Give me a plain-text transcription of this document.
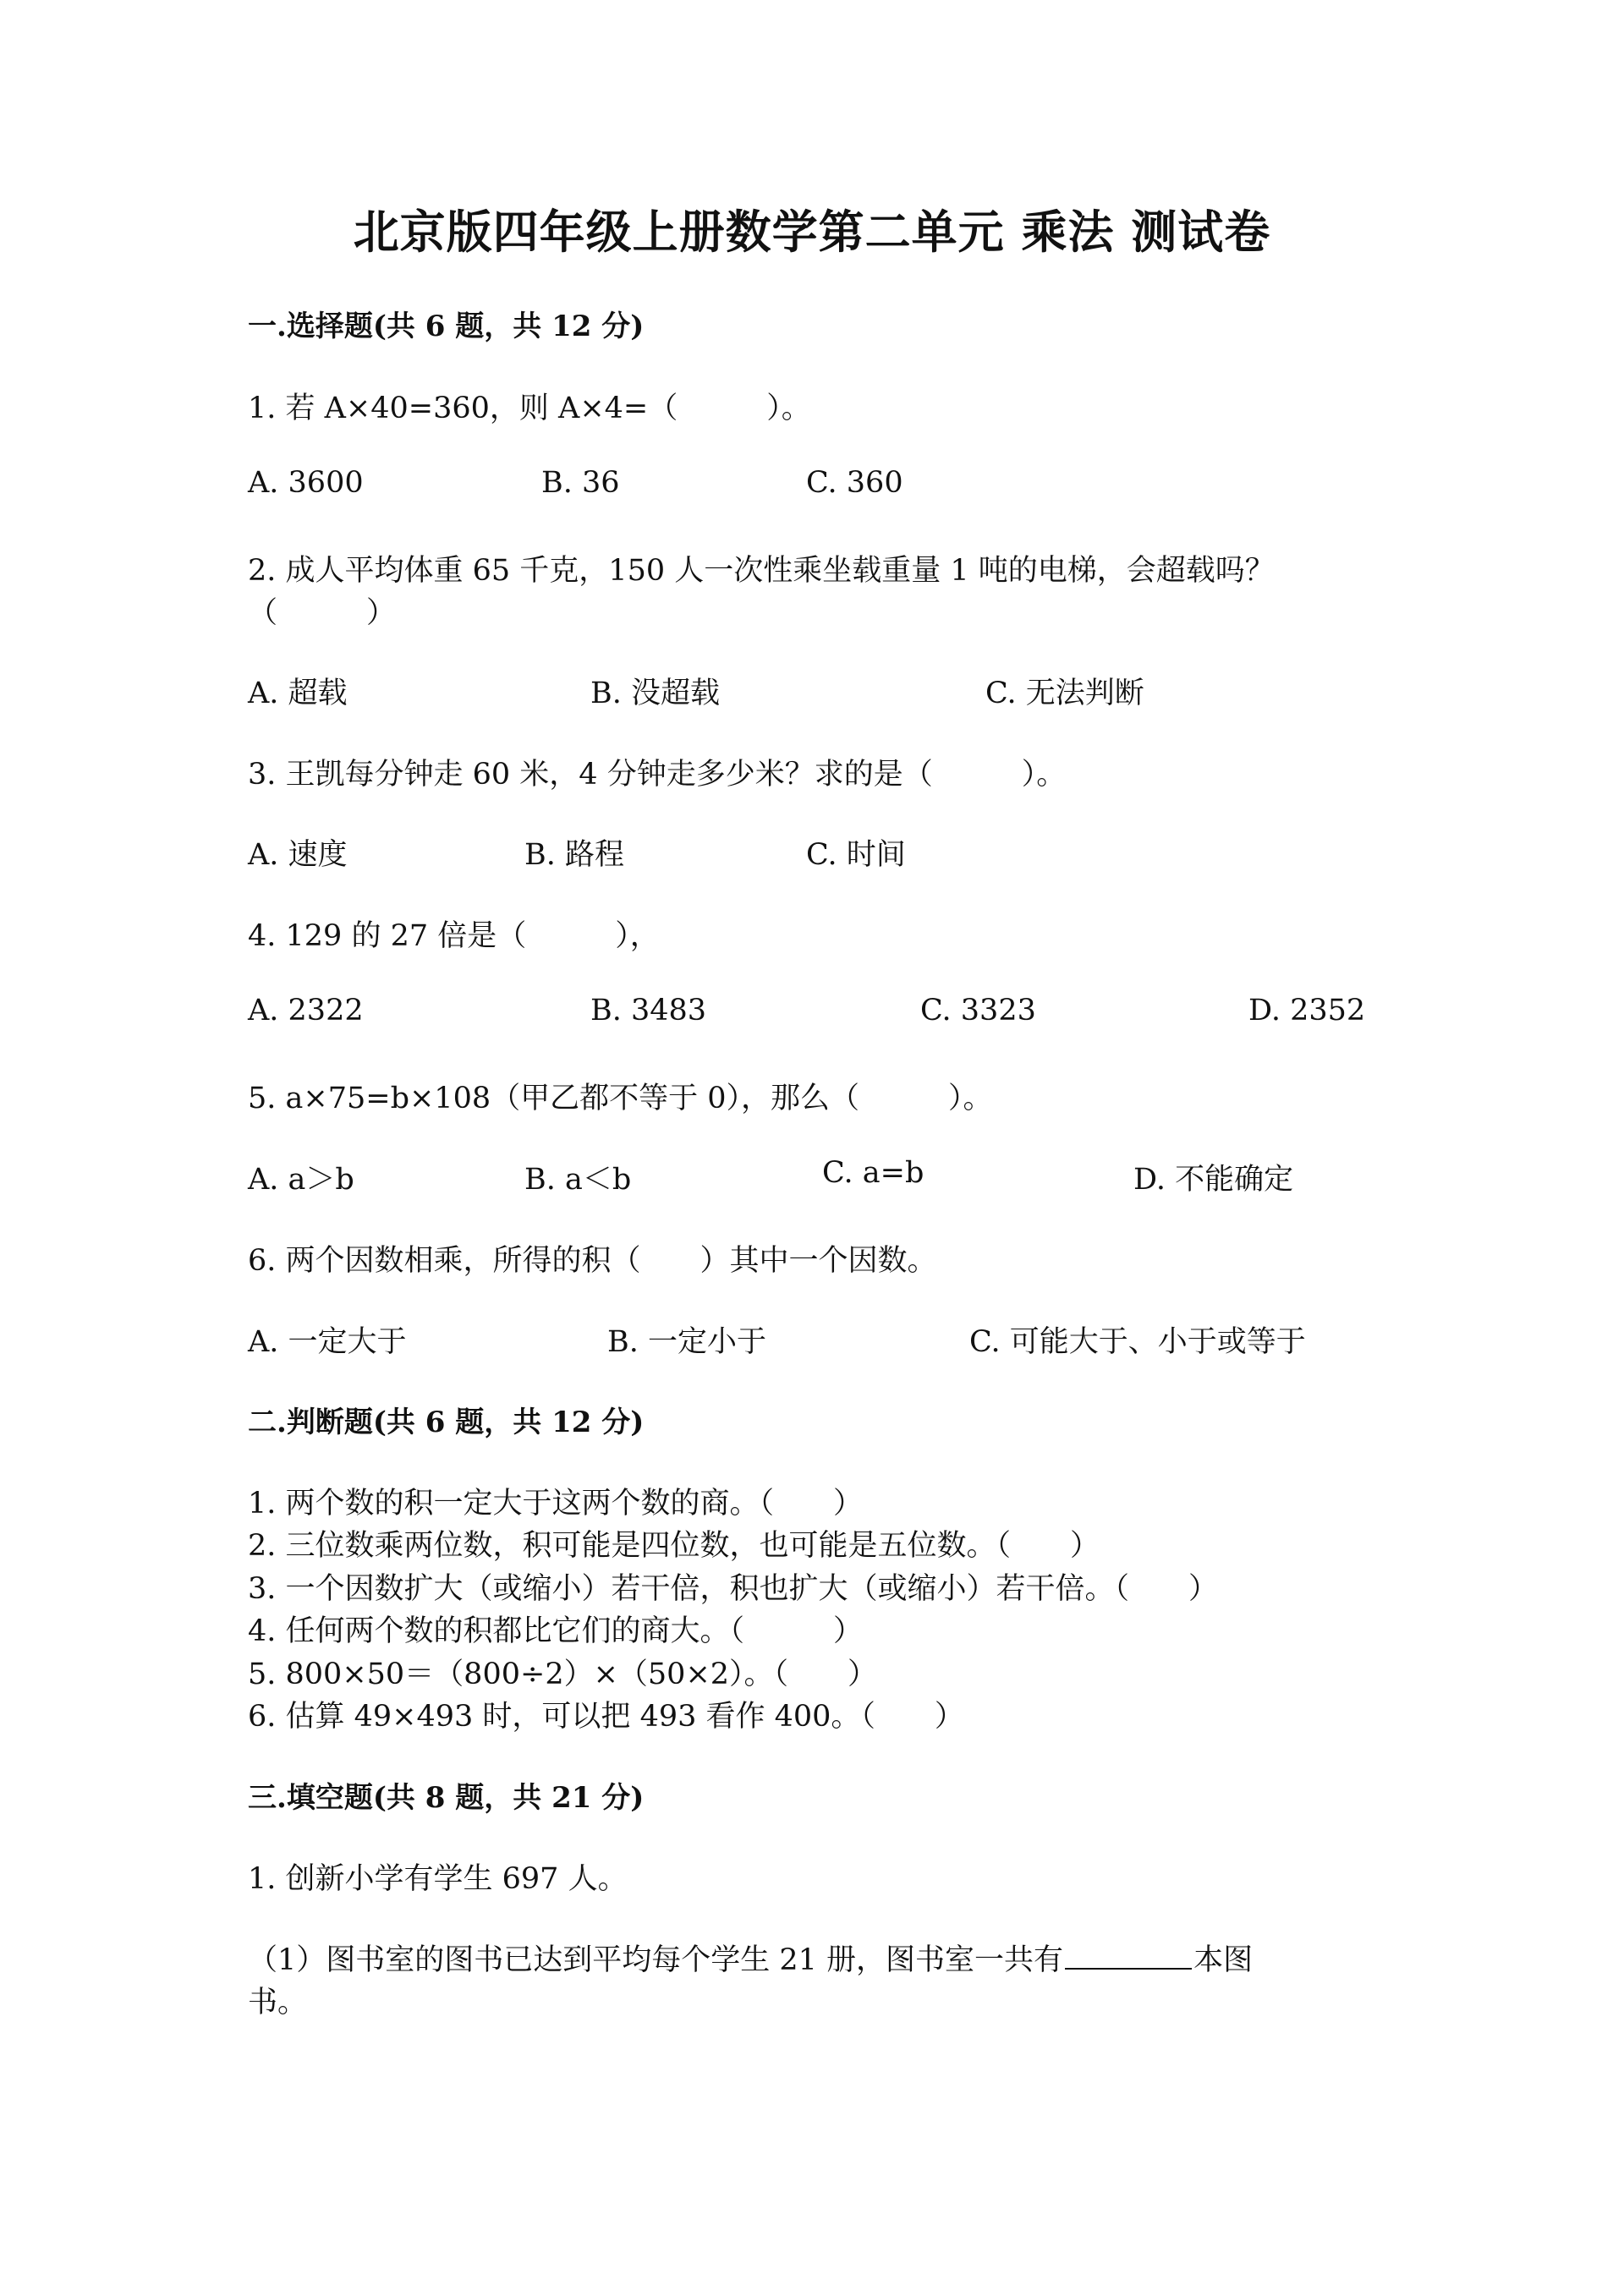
北京版四年级上册数学第二单元 乘法 测试卷
一.选择题(共 6 题，共 12 分)
1. 若 A×40=360，则 A×4=（　　　）。
A. 3600	B. 36	C. 360
2. 成人平均体重 65 千克，150 人一次性乘坐载重量 1 吨的电梯，会超载吗？
（　　　）
A. 超载	B. 没超载	C. 无法判断
3. 王凯每分钟走 60 米，4 分钟走多少米？求的是（　　　）。
A. 速度	B. 路程	C. 时间
4. 129 的 27 倍是（　　　），
A. 2322	B. 3483	C. 3323	D. 2352
5. a×75=b×108（甲乙都不等于 0），那么（　　　）。
A. a＞b	B. a＜b	C. a=b	D. 不能确定
6. 两个因数相乘，所得的积（　　）其中一个因数。
A. 一定大于	B. 一定小于	C. 可能大于、小于或等于
二.判断题(共 6 题，共 12 分)
1. 两个数的积一定大于这两个数的商。（　　）
2. 三位数乘两位数，积可能是四位数，也可能是五位数。（　　）
3. 一个因数扩大（或缩小）若干倍，积也扩大（或缩小）若干倍。（　　）
4. 任何两个数的积都比它们的商大。（　　　）
5. 800×50＝（800÷2）×（50×2）。（　　）
6. 估算 49×493 时，可以把 493 看作 400。（　　）
三.填空题(共 8 题，共 21 分)
1. 创新小学有学生 697 人。
（1）图书室的图书已达到平均每个学生 21 册，图书室一共有	本图
书。
